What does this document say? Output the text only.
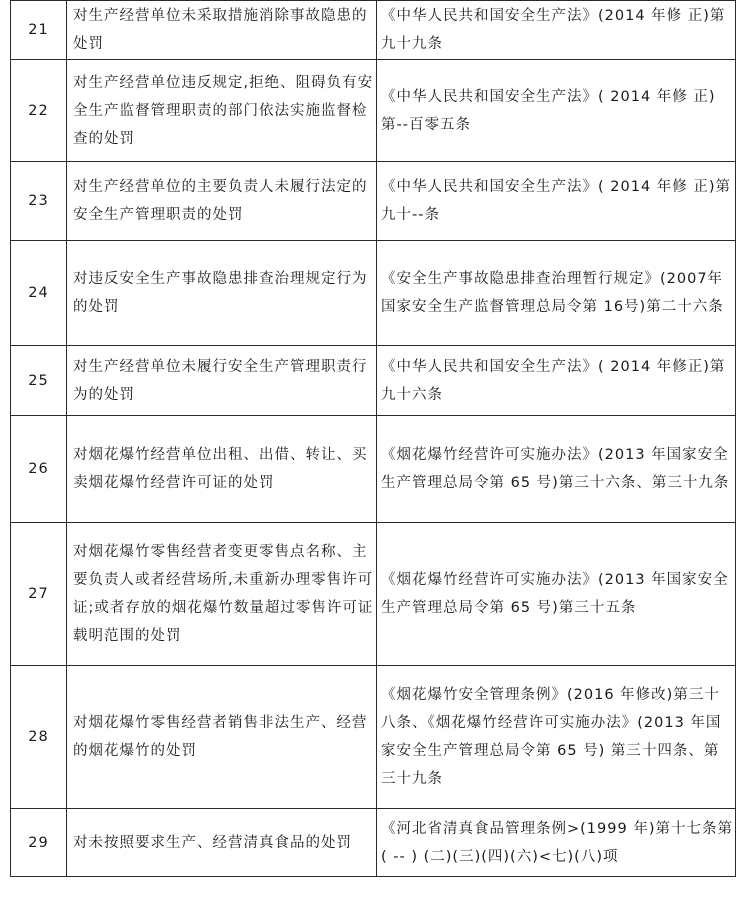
21	对生产经营单位未采取措施消除事故隐患的处罚	《中华人民共和国安全生产法》(2014 年修 正)第九十九条
22	对生产经营单位违反规定,拒绝、阻碍负有安全生产监督管理职责的部门依法实施监督检查的处罚	《中华人民共和国安全生产法》( 2014 年修 正)第--百零五条
23	对生产经营单位的主要负责人未履行法定的安全生产管理职责的处罚	《中华人民共和国安全生产法》( 2014 年修 正)第九十--条
24	对违反安全生产事故隐患排查治理规定行为的处罚	《安全生产事故隐患排查治理暂行规定》(2007年国家安全生产监督管理总局令第 16号)第二十六条
25	对生产经营单位未履行安全生产管理职责行为的处罚	《中华人民共和国安全生产法》( 2014 年修正)第九十六条
26	对烟花爆竹经营单位出租、出借、转让、买卖烟花爆竹经营许可证的处罚	《烟花爆竹经营许可实施办法》(2013 年国家安全生产管理总局令第 65 号)第三十六条、第三十九条
27	对烟花爆竹零售经营者变更零售点名称、主要负责人或者经营场所,未重新办理零售许可证;或者存放的烟花爆竹数量超过零售许可证载明范围的处罚	《烟花爆竹经营许可实施办法》(2013 年国家安全生产管理总局令第 65 号)第三十五条
28	对烟花爆竹零售经营者销售非法生产、经营 的烟花爆竹的处罚	《烟花爆竹安全管理条例》(2016 年修改)第三十八条、《烟花爆竹经营许可实施办法》(2013 年国家安全生产管理总局令第 65 号) 第三十四条、第三十九条
29	对未按照要求生产、经营清真食品的处罚	《河北省清真食品管理条例>(1999 年)第十七条第 ( -- ) (二)(三)(四)(六)<七)(八)项
